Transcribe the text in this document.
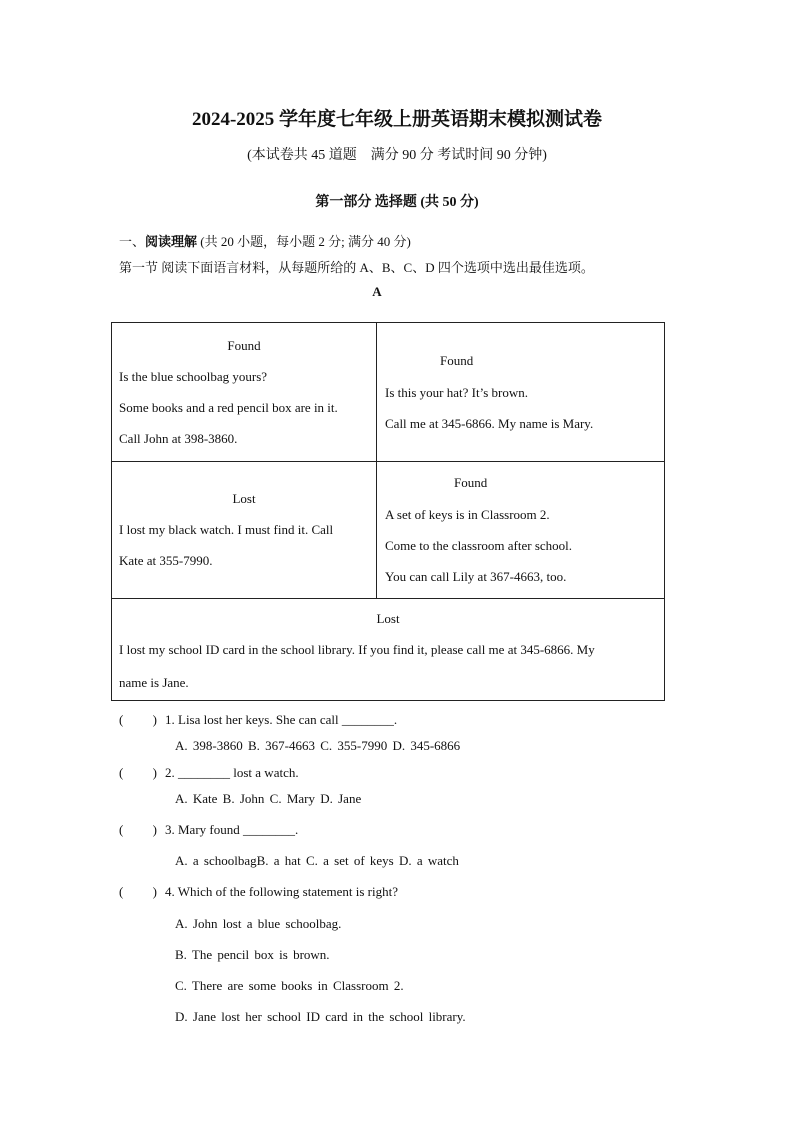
2024-2025 学年度七年级上册英语期末模拟测试卷
(本试卷共 45 道题　满分 90 分 考试时间 90 分钟)
第一部分 选择题 (共 50 分)
一、阅读理解 (共 20 小题，每小题 2 分; 满分 40 分)
第一节 阅读下面语言材料，从每题所给的 A、B、C、D 四个选项中选出最佳选项。
A
Found
Is the blue schoolbag yours?
Some books and a red pencil box are in it.
Call John at 398-3860.
Found
Is this your hat? It’s brown.
Call me at 345-6866. My name is Mary.
Lost
I lost my black watch. I must find it. Call
Kate at 355-7990.
Found
A set of keys is in Classroom 2.
Come to the classroom after school.
You can call Lily at 367-4663, too.
Lost
I lost my school ID card in the school library. If you find it, please call me at 345-6866. My
name is Jane.
( ) 1. Lisa lost her keys. She can call ________.
A. 398-3860 B. 367-4663 C. 355-7990 D. 345-6866
( ) 2. ________ lost a watch.
A. Kate B. John C. Mary D. Jane
( ) 3. Mary found ________.
A. a schoolbagB. a hat C. a set of keys D. a watch
( ) 4. Which of the following statement is right?
A. John lost a blue schoolbag.
B. The pencil box is brown.
C. There are some books in Classroom 2.
D. Jane lost her school ID card in the school library.
